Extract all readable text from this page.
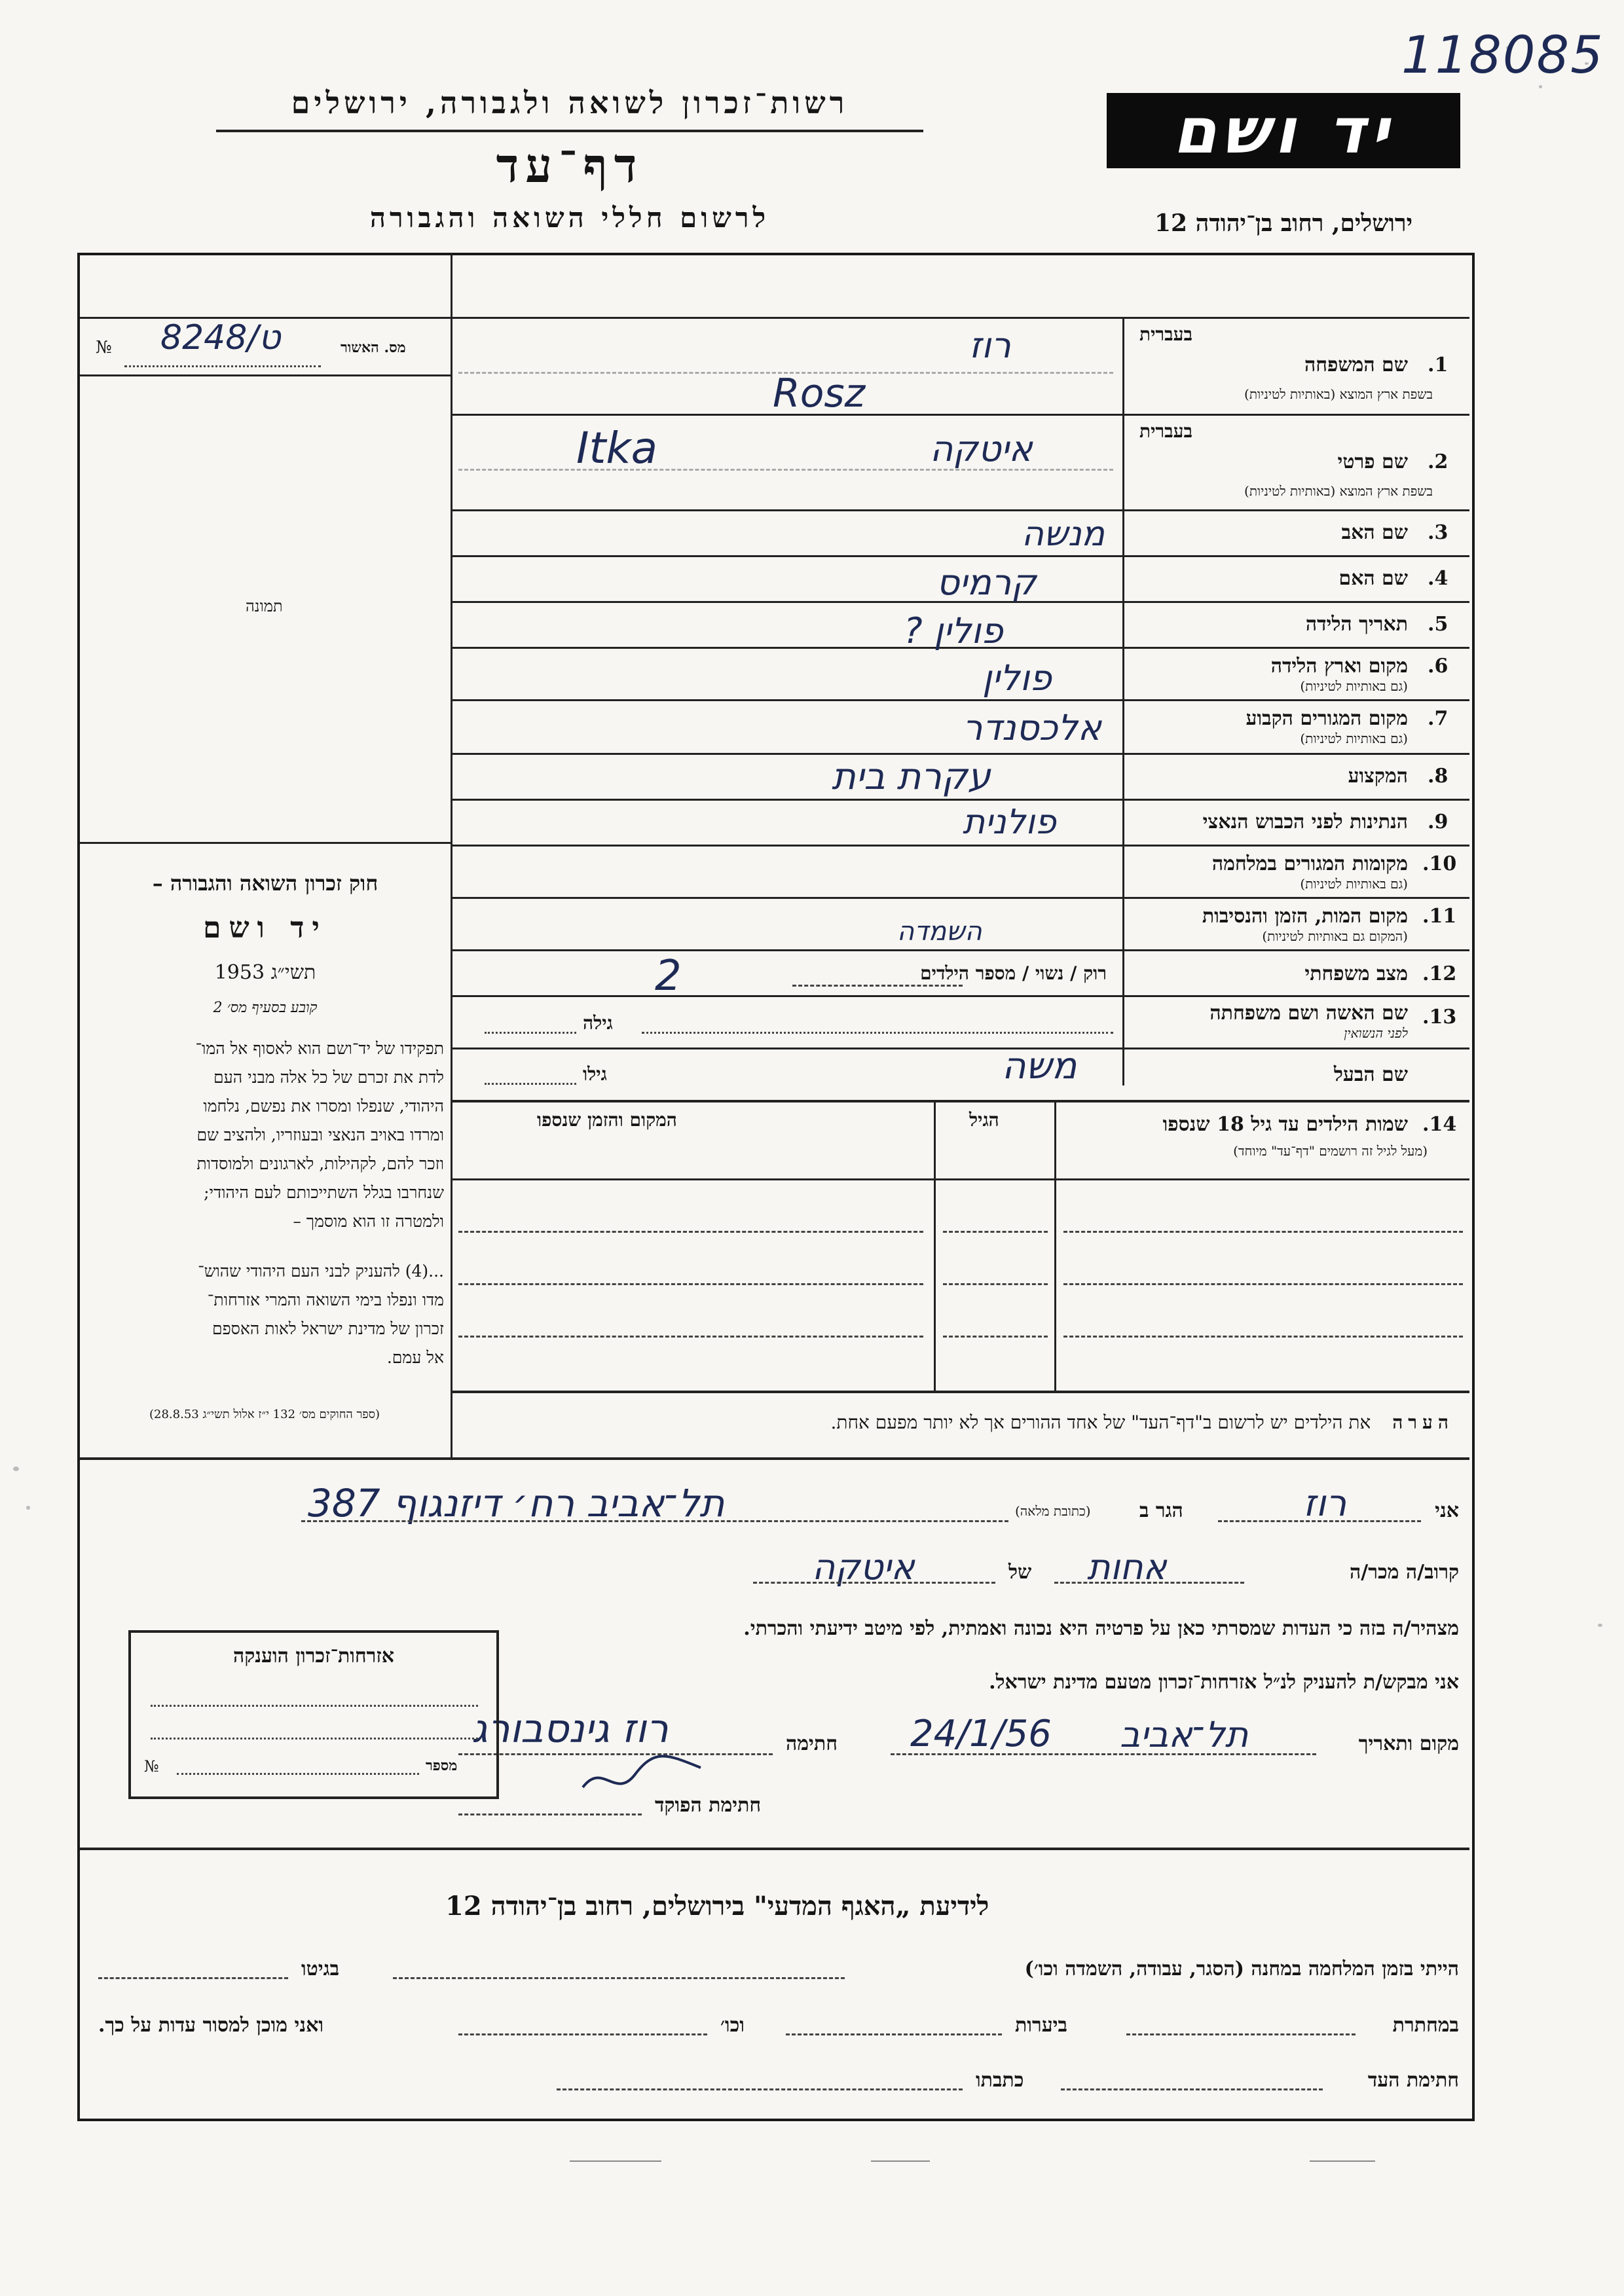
118085
רשות־זכרון לשואה ולגבורה, ירושלים
דף־עד
לרשום חללי השואה והגבורה
יד ושם
ירושלים, רחוב בן־יהודה 12
מס. האשור
№ 8248/ט
תמונה
חוק זכרון השואה והגבורה –
יד ושם
תשי״ג 1953
קובע בסעיף מס׳ 2
תפקידו של יד־ושם הוא לאסוף אל המו־
לדת את זכרם של כל אלה מבני העם
היהודי, שנפלו ומסרו את נפשם, נלחמו
ומרדו באויב הנאצי ובעוזריו, ולהציב שם
וזכר להם, לקהילות, לארגונים ולמוסדות
שנחרבו בגלל השתייכותם לעם היהודי;
ולמטרה זו הוא מוסמך –
...(4) להעניק לבני העם היהודי שהוש־
מדו ונפלו בימי השואה והמרי אזרחות־
זכרון של מדינת ישראל לאות האספם
אל עמם.
(ספר החוקים מס׳ 132 י״ז אלול תשי״ג 28.8.53)
בעברית
1.
שם המשפחה
בשפת ארץ המוצא (באותיות לטיניות)
רוז
Rosz
בעברית
2.
שם פרטי
בשפת ארץ המוצא (באותיות לטיניות)
איטקה
Itka
3.
שם האב
מנשה
4.
שם האם
קרמיס
5.
תאריך הלידה
פולין ?
6.
מקום וארץ הלידה
(גם באותיות לטיניות)
פולין
7.
מקום המגורים הקבוע
(גם באותיות לטיניות)
אלכסנדר
8.
המקצוע
עקרת בית
9.
הנתינות לפני הכבוש הנאצי
פולנית
10.
מקומות המגורים במלחמה
(גם באותיות לטיניות)
11.
מקום המות, הזמן והנסיבות
(המקום גם באותיות לטיניות)
השמדה
12.
מצב משפחתי
רוק / נשוי / מספר הילדים
2
13.
שם האשה ושם משפחתה
לפני הנשואין
גילה
שם הבעל
גילו	משה
14.
שמות הילדים עד גיל 18 שנספו
(מעל לגיל זה רושמים "דף־עד" מיוחד)
הגיל
המקום והזמן שנספו
הערה את הילדים יש לרשום ב"דף־העד" של אחד ההורים אך לא יותר מפעם אחת.
אני
רוז
הגר ב
(כתובת מלאה)
תל־אביב רח׳ דיזנגוף 387
קרוב/ה מכר/ה
אחות
של
איטקה
מצהיר/ה בזה כי העדות שמסרתי כאן על פרטיה היא נכונה ואמתית, לפי מיטב ידיעתי והכרתי.
אני מבקש/ת להעניק לנ״ל אזרחות־זכרון מטעם מדינת ישראל.
מקום ותאריך
תל־אביב
24/1/56
חתימה
רוז גינסבורג
חתימת הפוקד
אזרחות־זכרון הוענקה
№	מספר
לידיעת „האגף המדעי" בירושלים, רחוב בן־יהודה 12
הייתי בזמן המלחמה במחנה (הסגר, עבודה, השמדה וכו׳)
בגיטו
במחתרת
ביערות
וכו׳
ואני מוכן למסור עדות על כך.
חתימת העד
כתבתו
